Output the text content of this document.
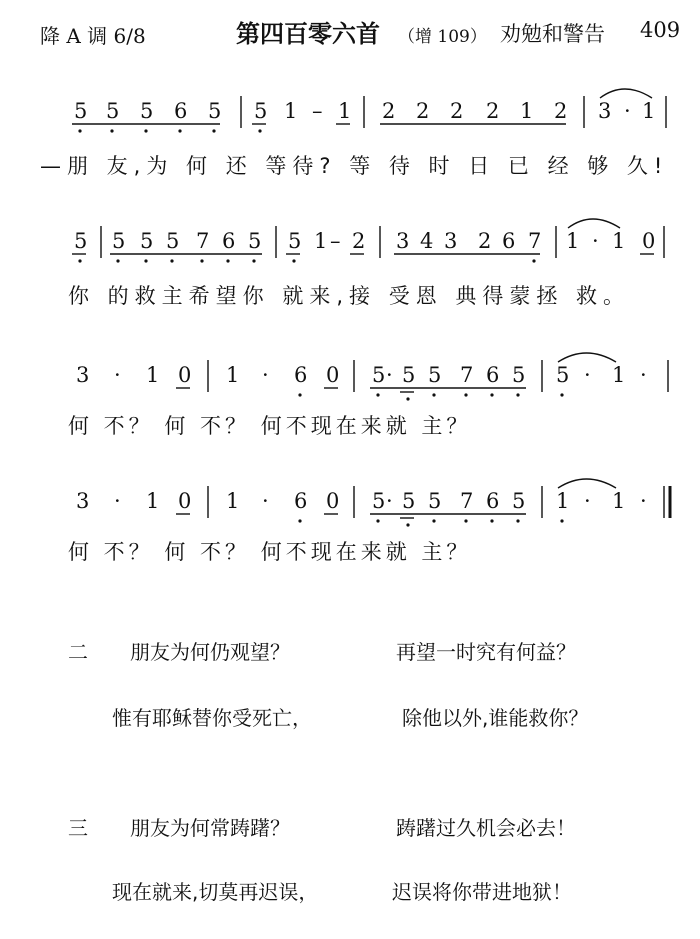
降 A 调 6/8	第四百零六首 （增 109） 劝勉和警告 409
5 5 5 6 5 5 1 – 1 2 2 2 2 1 2 3 · 1
5 5 5 5 7 6 5 5 1 – 2 3 4 3 2 6 7 1 · 1 0
3 · 1 0 1 · 6 0 5 · 5 5 7 6 5 5 · 1 ·
3 · 1 0 1 · 6 0 5 · 5 5 7 6 5 1 · 1 ·
—朋 友,为 何 还 等待? 等 待 时 日 已 经 够 久!
你 的救主希望你 就来,接 受恩 典得蒙拯 救。
何 不？ 何 不？ 何不现在来就 主？
何 不？ 何 不？ 何不现在来就 主？
二 朋友为何仍观望？	再望一时究有何益？
惟有耶稣替你受死亡，	除他以外,谁能救你？
三 朋友为何常踌躇？	踌躇过久机会必去！
现在就来,切莫再迟误，	迟误将你带进地狱！
